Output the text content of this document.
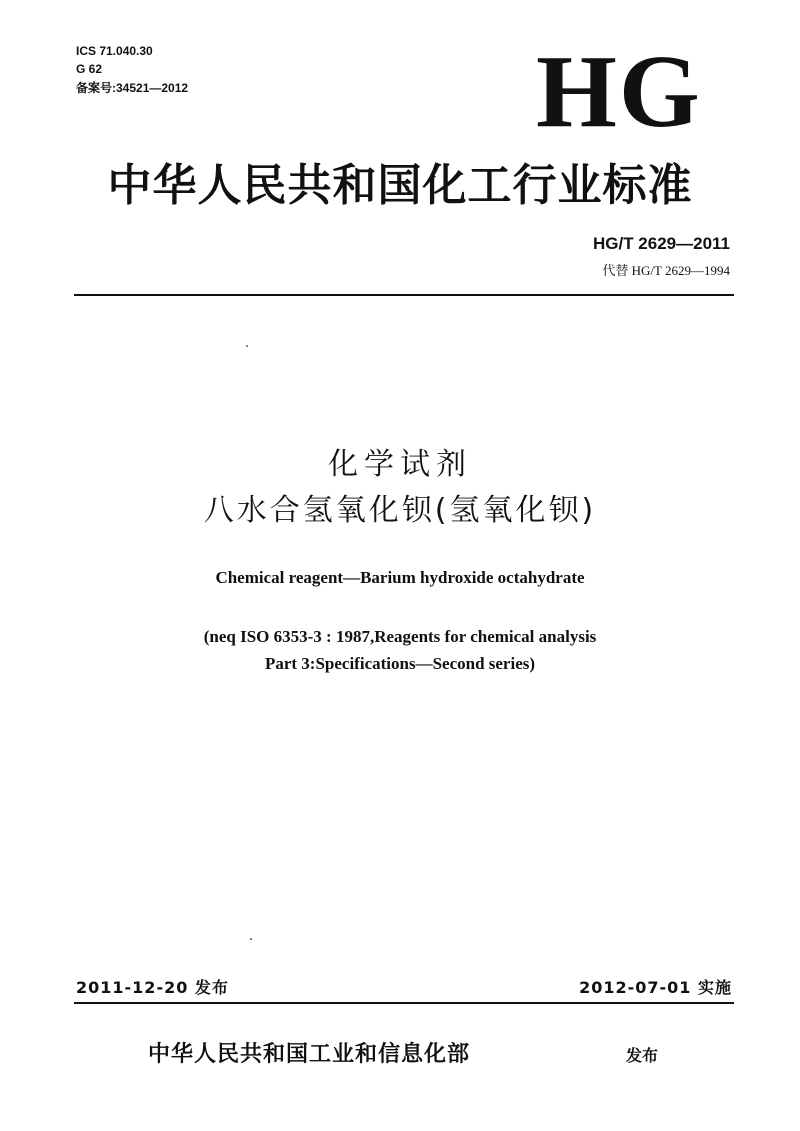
ICS 71.040.30
G 62
备案号:34521—2012	HG
中华人民共和国化工行业标准
HG/T 2629—2011
代替 HG/T 2629—1994
化学试剂
八水合氢氧化钡(氢氧化钡)
Chemical reagent—Barium hydroxide octahydrate
(neq ISO 6353-3 : 1987,Reagents for chemical analysis
Part 3:Specifications—Second series)
2011-12-20 发布	2012-07-01 实施
中华人民共和国工业和信息化部	发布
